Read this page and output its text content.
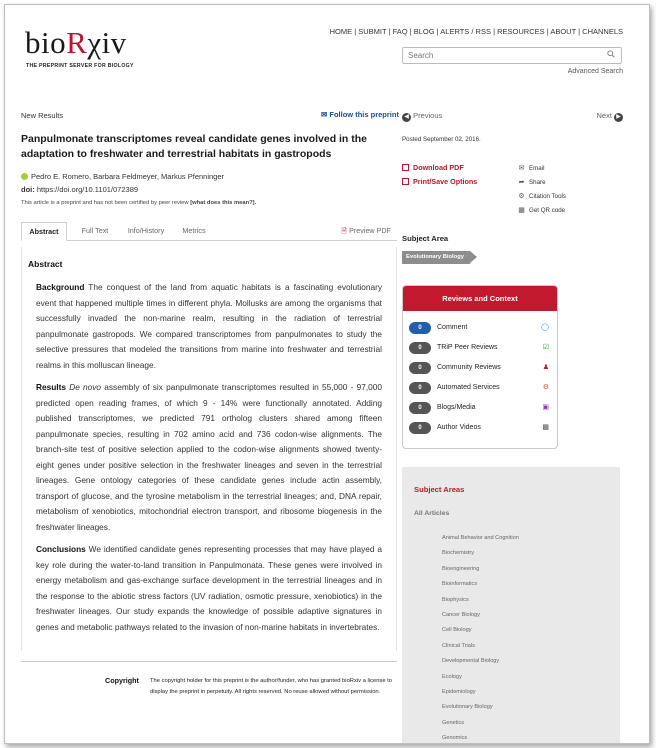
bioRχiv
THE PREPRINT SERVER FOR BIOLOGY
HOME | SUBMIT | FAQ | BLOG | ALERTS / RSS | RESOURCES | ABOUT | CHANNELS
Search
Advanced Search
New Results	✉︎ Follow this preprint ◀ Previous	Next ▶
Panpulmonate transcriptomes reveal candidate genes involved in the adaptation to freshwater and terrestrial habitats in gastropods
Pedro E. Romero, Barbara Feldmeyer, Markus Pfenninger
doi: https://doi.org/10.1101/072389
This article is a preprint and has not been certified by peer review [what does this mean?].
Abstract	Full Text	Info/History	Metrics	🗎︎ Preview PDF
Abstract
Background The conquest of the land from aquatic habitats is a fascinating evolutionary event that happened multiple times in different phyla. Mollusks are among the organisms that successfully invaded the non-marine realm, resulting in the radiation of terrestrial panpulmonate gastropods. We compared transcriptomes from panpulmonates to study the selective pressures that modeled the transitions from marine into freshwater and terrestrial realms in this molluscan lineage.
Results De novo assembly of six panpulmonate transcriptomes resulted in 55,000 - 97,000 predicted open reading frames, of which 9 - 14% were functionally annotated. Adding published transcriptomes, we predicted 791 ortholog clusters shared among fifteen panpulmonate species, resulting in 702 amino acid and 736 codon-wise alignments. The branch-site test of positive selection applied to the codon-wise alignments showed twenty-eight genes under positive selection in the freshwater lineages and seven in the terrestrial lineages. Gene ontology categories of these candidate genes include actin assembly, transport of glucose, and the tyrosine metabolism in the terrestrial lineages; and, DNA repair, metabolism of xenobiotics, mitochondrial electron transport, and ribosome biogenesis in the freshwater lineages.
Conclusions We identified candidate genes representing processes that may have played a key role during the water-to-land transition in Panpulmonata. These genes were involved in energy metabolism and gas-exchange surface development in the terrestrial lineages and in the response to the abiotic stress factors (UV radiation, osmotic pressure, xenobiotics) in the freshwater lineages. Our study expands the knowledge of possible adaptive signatures in genes and metabolic pathways related to the invasion of non-marine habitats in invertebrates.
Copyright The copyright holder for this preprint is the author/funder, who has granted bioRxiv a license to display the preprint in perpetuity. All rights reserved. No reuse allowed without permission.
Posted September 02, 2016.
Download PDF
Print/Save Options
✉︎ Email
➦︎ Share
⚙︎ Citation Tools
▦︎ Get QR code
Subject Area
Evolutionary Biology
Reviews and Context
0	Comment	◯
0	TRiP Peer Reviews	☑︎
0	Community Reviews	♟︎
0	Automated Services	⚙︎
0	Blogs/Media	▣︎
0	Author Videos	▩︎
Subject Areas
All Articles
Animal Behavior and Cognition
Biochemistry
Bioengineering
Bioinformatics
Biophysics
Cancer Biology
Cell Biology
Clinical Trials
Developmental Biology
Ecology
Epidemiology
Evolutionary Biology
Genetics
Genomics
